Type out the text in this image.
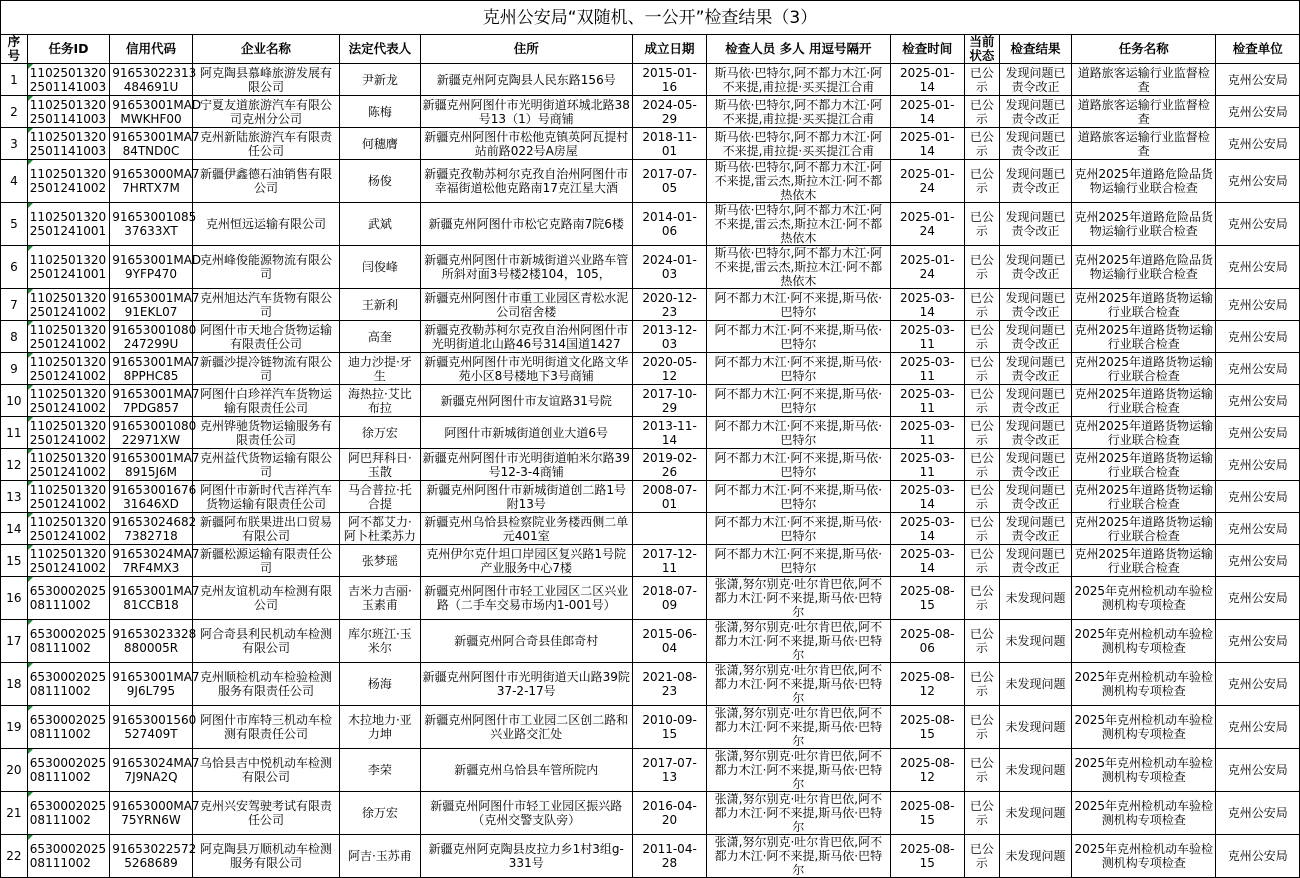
克州公安局“双随机、一公开”检查结果（3）
序号	任务ID	信用代码	企业名称	法定代表人	住所	成立日期	检查人员 多人 用逗号隔开	检查时间	当前状态	检查结果	任务名称	检查单位
1	1102501320 2501141003	91653022313 484691U	阿克陶县慕峰旅游发展有限公司	尹新龙	新疆克州阿克陶县人民东路156号	2015-01-16	斯马依·巴特尔,阿不都力木江·阿不来提,甫拉提·买买提江合甫	2025-01-14	已公示	发现问题已责令改正	道路旅客运输行业监督检查	克州公安局
2	1102501320 2501141003	91653001MAD MWKHF00	宁夏友道旅游汽车有限公司克州分公司	陈梅	新疆克州阿图什市光明街道环城北路38号13（1）号商铺	2024-05-29	斯马依·巴特尔,阿不都力木江·阿不来提,甫拉提·买买提江合甫	2025-01-14	已公示	发现问题已责令改正	道路旅客运输行业监督检查	克州公安局
3	1102501320 2501141003	91653001MA7 84TND0C	克州新陆旅游汽车有限责任公司	何穗膺	新疆克州阿图什市松他克镇英阿瓦提村站前路022号A房屋	2018-11-01	斯马依·巴特尔,阿不都力木江·阿不来提,甫拉提·买买提江合甫	2025-01-14	已公示	发现问题已责令改正	道路旅客运输行业监督检查	克州公安局
4	1102501320 2501241002	91653000MA7 7HRTX7M	新疆伊鑫德石油销售有限公司	杨俊	新疆克孜勒苏柯尔克孜自治州阿图什市幸福街道松他克路南17克江星大酒	2017-07-05	斯马依·巴特尔,阿不都力木江·阿不来提,雷云杰,斯拉木江·阿不都热依木	2025-01-24	已公示	发现问题已责令改正	克州2025年道路危险品货物运输行业联合检查	克州公安局
5	1102501320 2501241001	91653001085 37633XT	克州恒远运输有限公司	武斌	新疆克州阿图什市松它克路南7院6楼	2014-01-06	斯马依·巴特尔,阿不都力木江·阿不来提,雷云杰,斯拉木江·阿不都热依木	2025-01-24	已公示	发现问题已责令改正	克州2025年道路危险品货物运输行业联合检查	克州公安局
6	1102501320 2501241001	91653001MAD 9YFP470	克州峰俊能源物流有限公司	闫俊峰	新疆克州阿图什市新城街道兴业路车管所斜对面3号楼2楼104，105，	2024-01-03	斯马依·巴特尔,阿不都力木江·阿不来提,雷云杰,斯拉木江·阿不都热依木	2025-01-24	已公示	发现问题已责令改正	克州2025年道路危险品货物运输行业联合检查	克州公安局
7	1102501320 2501241002	91653001MA7 91EKL07	克州旭达汽车货物有限公司	王新利	新疆克州阿图什市重工业园区青松水泥公司宿舍楼	2020-12-23	阿不都力木江·阿不来提,斯马依·巴特尔	2025-03-14	已公示	发现问题已责令改正	克州2025年道路货物运输行业联合检查	克州公安局
8	1102501320 2501241002	91653001080 247299U	阿图什市天地合货物运输有限责任公司	高奎	新疆克孜勒苏柯尔克孜自治州阿图什市光明街道北山路46号314国道1427	2013-12-03	阿不都力木江·阿不来提,斯马依·巴特尔	2025-03-11	已公示	发现问题已责令改正	克州2025年道路货物运输行业联合检查	克州公安局
9	1102501320 2501241002	91653001MA7 8PPHC85	新疆沙提冷链物流有限公司	迪力沙提·牙生	新疆克州阿图什市光明街道文化路文华苑小区8号楼地下3号商铺	2020-05-12	阿不都力木江·阿不来提,斯马依·巴特尔	2025-03-11	已公示	发现问题已责令改正	克州2025年道路货物运输行业联合检查	克州公安局
10	1102501320 2501241002	91653001MA7 7PDG857	阿图什白珍祥汽车货物运输有限责任公司	海热拉·艾比布拉	新疆克州阿图什市友谊路31号院	2017-10-29	阿不都力木江·阿不来提,斯马依·巴特尔	2025-03-11	已公示	发现问题已责令改正	克州2025年道路货物运输行业联合检查	克州公安局
11	1102501320 2501241002	91653001080 22971XW	克州铧驰货物运输服务有限责任公司	徐万宏	阿图什市新城街道创业大道6号	2013-11-14	阿不都力木江·阿不来提,斯马依·巴特尔	2025-03-11	已公示	发现问题已责令改正	克州2025年道路货物运输行业联合检查	克州公安局
12	1102501320 2501241002	91653001MA7 8915J6M	克州益代货物运输有限公司	阿巴拜科日·玉散	新疆克州阿图什市光明街道帕米尔路39号12-3-4商铺	2019-02-26	阿不都力木江·阿不来提,斯马依·巴特尔	2025-03-11	已公示	发现问题已责令改正	克州2025年道路货物运输行业联合检查	克州公安局
13	1102501320 2501241002	91653001676 31646XD	阿图什市新时代吉祥汽车货物运输有限责任公司	马合普拉·托合提	新疆克州阿图什市新城街道创二路1号附13号	2008-07-01	阿不都力木江·阿不来提,斯马依·巴特尔	2025-03-14	已公示	发现问题已责令改正	克州2025年道路货物运输行业联合检查	克州公安局
14	1102501320 2501241002	91653024682 7382718	新疆阿布朕果进出口贸易有限公司	阿不都艾力·阿卜杜柔苏力	新疆克州乌恰县检察院业务楼西侧二单元401室		阿不都力木江·阿不来提,斯马依·巴特尔	2025-03-14	已公示	发现问题已责令改正	克州2025年道路货物运输行业联合检查	克州公安局
15	1102501320 2501241002	91653024MA7 7RF4MX3	新疆松源运输有限责任公司	张梦瑶	克州伊尔克什坦口岸园区复兴路1号院产业服务中心7楼	2017-12-11	阿不都力木江·阿不来提,斯马依·巴特尔	2025-03-14	已公示	发现问题已责令改正	克州2025年道路货物运输行业联合检查	克州公安局
16	6530002025 08111002	91653001MA7 81CCB18	克州友谊机动车检测有限公司	吉米力吉丽·玉素甫	新疆克州阿图什市轻工业园区二区兴业路（二手车交易市场内1-001号）	2018-07-09	张潇,努尔别克·吐尔肯巴依,阿不都力木江·阿不来提,斯马依·巴特尔	2025-08-15	已公示	未发现问题	2025年克州检机动车验检测机构专项检查	克州公安局
17	6530002025 08111002	91653023328 880005R	阿合奇县利民机动车检测有限公司	库尔班江·玉米尔	新疆克州阿合奇县佳郎奇村	2015-06-04	张潇,努尔别克·吐尔肯巴依,阿不都力木江·阿不来提,斯马依·巴特尔	2025-08-06	已公示	未发现问题	2025年克州检机动车验检测机构专项检查	克州公安局
18	6530002025 08111002	91653001MA7 9J6L795	克州顺检机动车检验检测服务有限责任公司	杨海	新疆克州阿图什市光明街道天山路39院37-2-17号	2021-08-23	张潇,努尔别克·吐尔肯巴依,阿不都力木江·阿不来提,斯马依·巴特尔	2025-08-12	已公示	未发现问题	2025年克州检机动车验检测机构专项检查	克州公安局
19	6530002025 08111002	91653001560 527409T	阿图什市库特三机动车检测有限责任公司	木拉地力·亚力坤	新疆克州阿图什市工业园二区创二路和兴业路交汇处	2010-09-15	张潇,努尔别克·吐尔肯巴依,阿不都力木江·阿不来提,斯马依·巴特尔	2025-08-15	已公示	未发现问题	2025年克州检机动车验检测机构专项检查	克州公安局
20	6530002025 08111002	91653024MA7 7J9NA2Q	乌恰县吉中悦机动车检测有限公司	李荣	新疆克州乌恰县车管所院内	2017-07-13	张潇,努尔别克·吐尔肯巴依,阿不都力木江·阿不来提,斯马依·巴特尔	2025-08-12	已公示	未发现问题	2025年克州检机动车验检测机构专项检查	克州公安局
21	6530002025 08111002	91653000MA7 75YRN6W	克州兴安驾驶考试有限责任公司	徐万宏	新疆克州阿图什市轻工业园区振兴路（克州交警支队旁）	2016-04-20	张潇,努尔别克·吐尔肯巴依,阿不都力木江·阿不来提,斯马依·巴特尔	2025-08-15	已公示	未发现问题	2025年克州检机动车验检测机构专项检查	克州公安局
22	6530002025 08111002	91653022572 5268689	阿克陶县万顺机动车检测服务有限公司	阿吉·玉苏甫	新疆克州阿克陶县皮拉力乡1村3组g-331号	2011-04-28	张潇,努尔别克·吐尔肯巴依,阿不都力木江·阿不来提,斯马依·巴特尔	2025-08-15	已公示	未发现问题	2025年克州检机动车验检测机构专项检查	克州公安局
